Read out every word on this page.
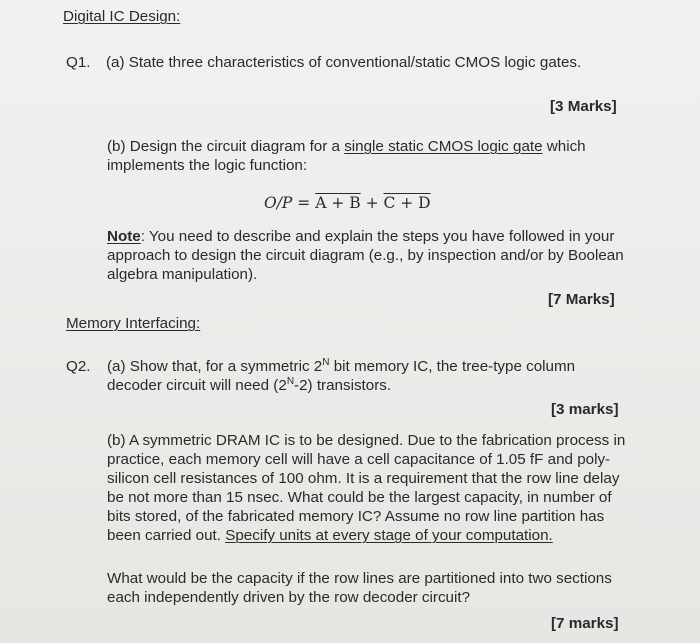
Digital IC Design:
Q1. (a) State three characteristics of conventional/static CMOS logic gates.
[3 Marks]
(b) Design the circuit diagram for a single static CMOS logic gate which
implements the logic function:
O/P = A + B + C + D
Note: You need to describe and explain the steps you have followed in your
approach to design the circuit diagram (e.g., by inspection and/or by Boolean
algebra manipulation).
[7 Marks]
Memory Interfacing:
Q2. (a) Show that, for a symmetric $2^N$ bit memory IC, the tree-type column
decoder circuit will need $(2^N-2)$ transistors.
[3 marks]
(b) A symmetric DRAM IC is to be designed. Due to the fabrication process in
practice, each memory cell will have a cell capacitance of 1.05 fF and poly-
silicon cell resistances of 100 ohm. It is a requirement that the row line delay
be not more than 15 nsec. What could be the largest capacity, in number of
bits stored, of the fabricated memory IC? Assume no row line partition has
been carried out. Specify units at every stage of your computation.
What would be the capacity if the row lines are partitioned into two sections
each independently driven by the row decoder circuit?
[7 marks]
